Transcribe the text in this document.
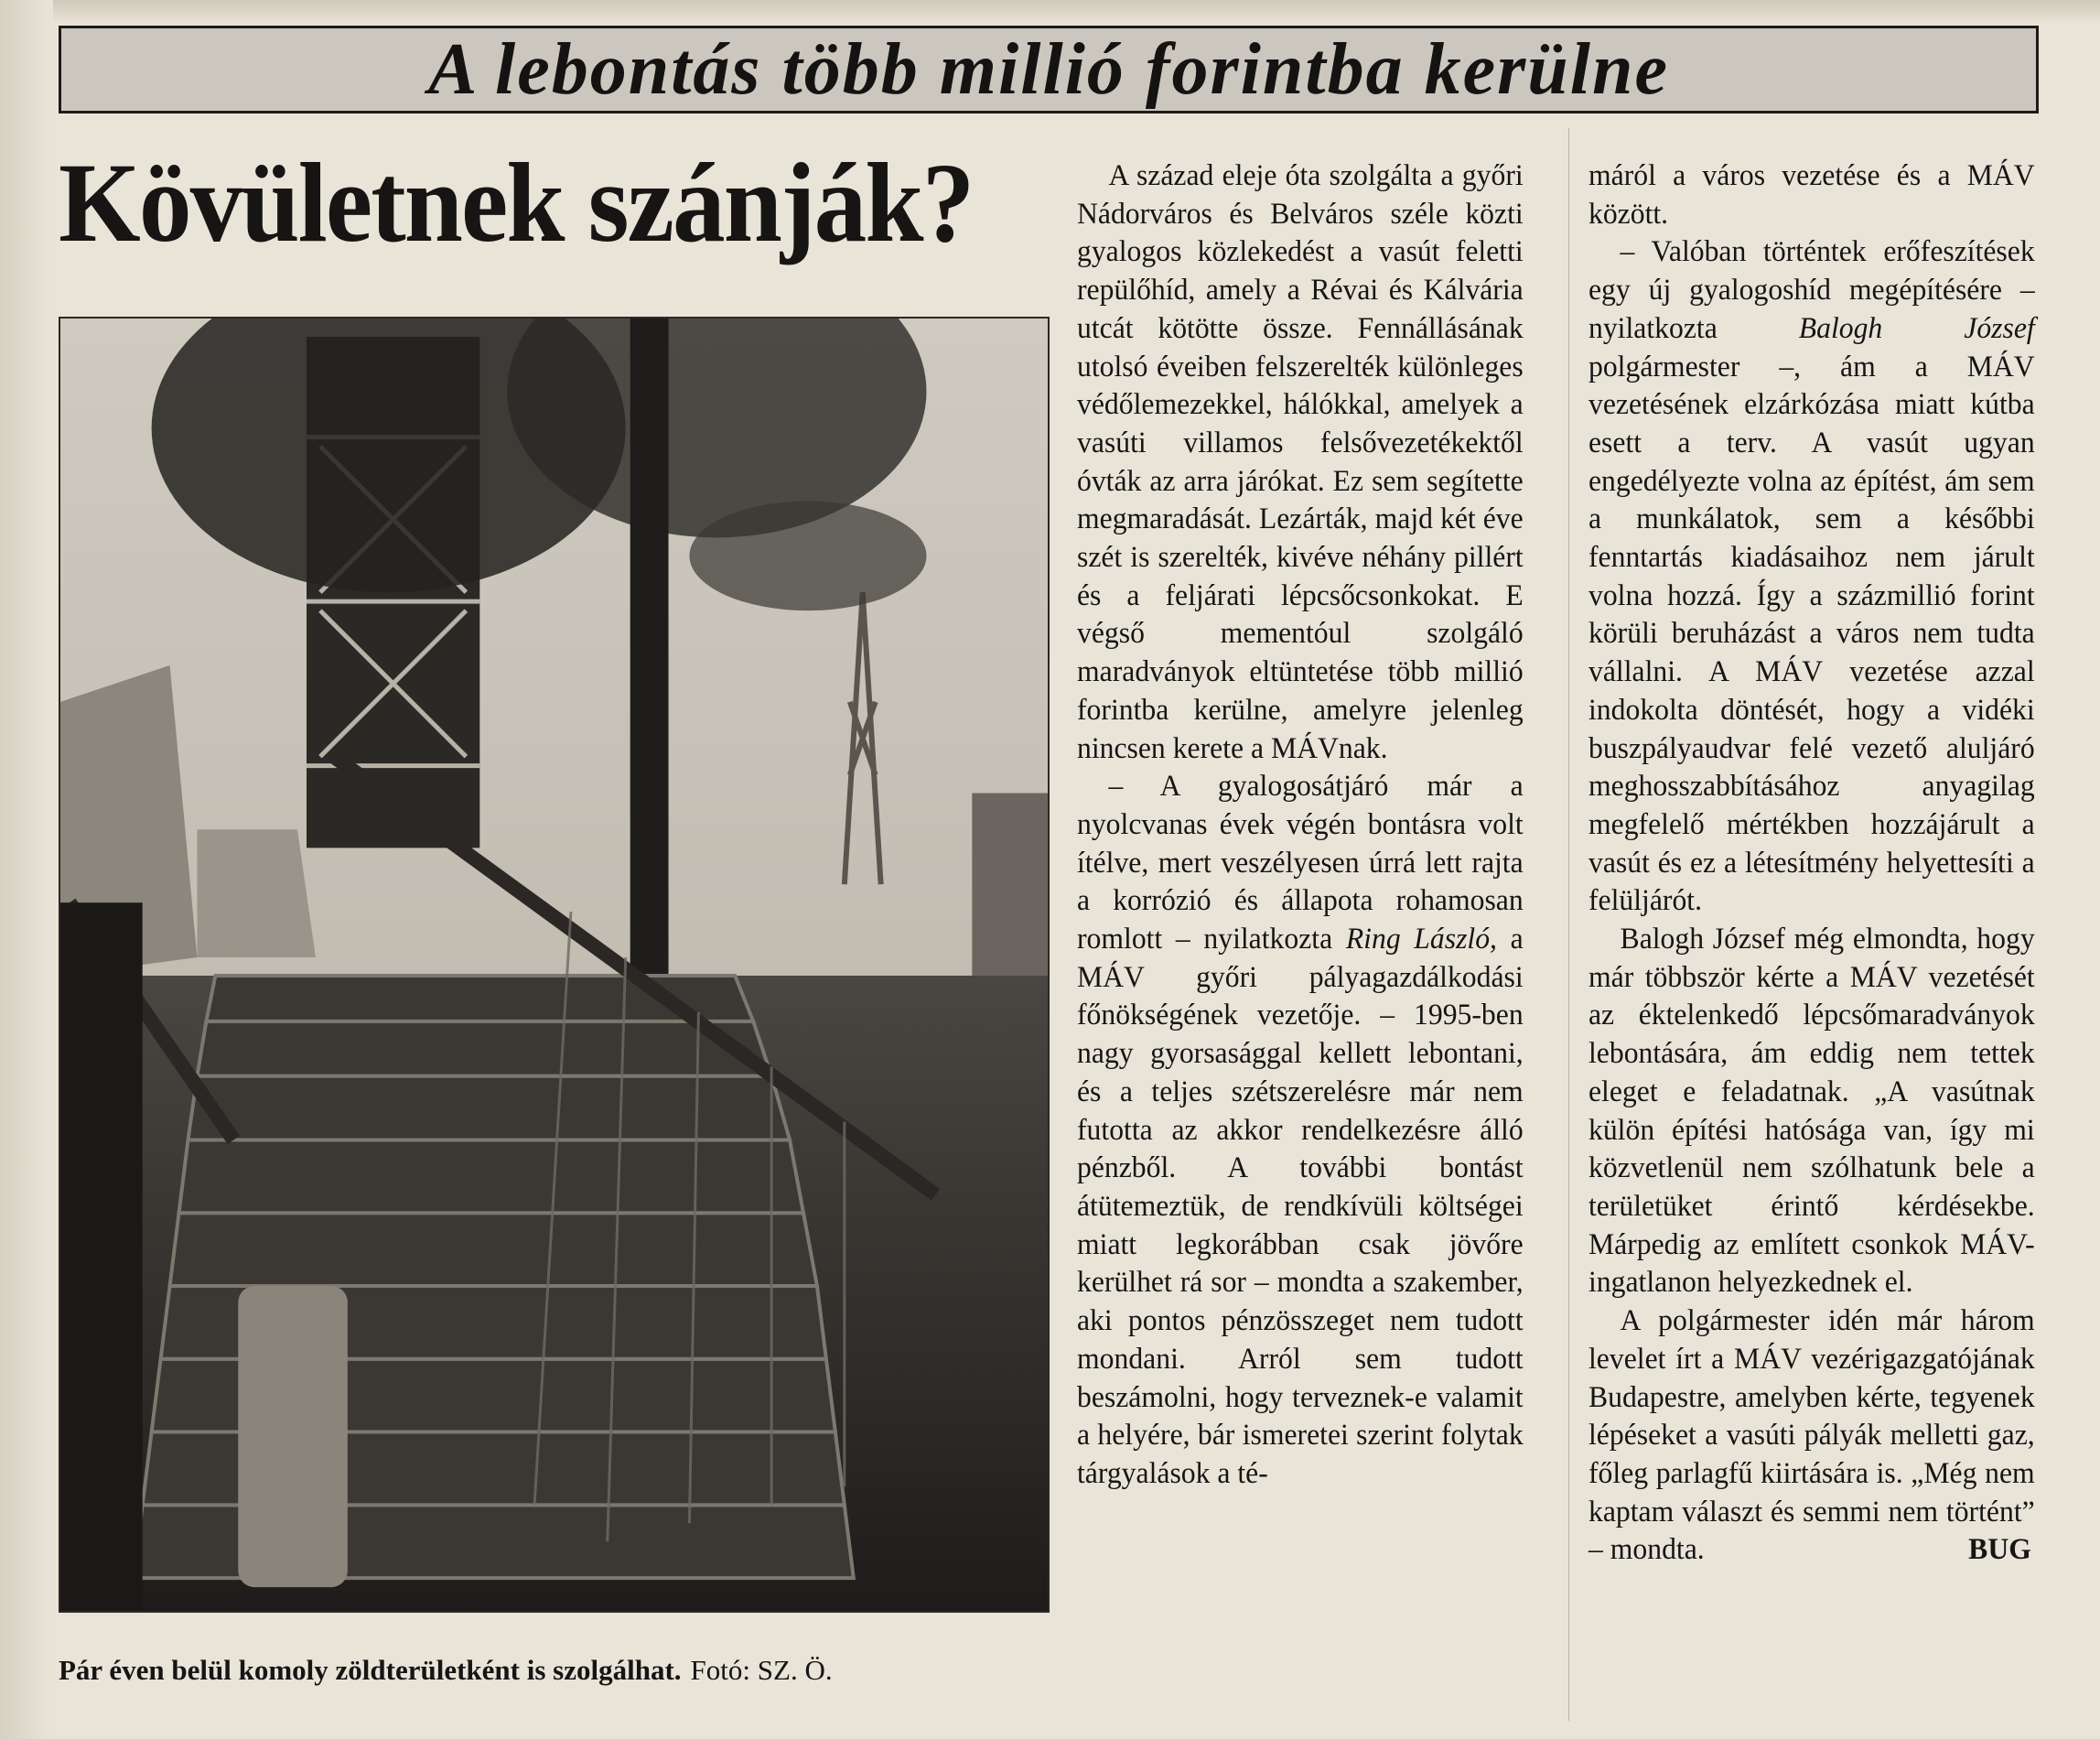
A lebontás több millió forintba kerülne
Kövületnek szánják?
Pár éven belül komoly zöldterületként is szolgálhat. Fotó: SZ. Ö.

A század eleje óta szolgálta a győri Nádorváros és Belváros széle közti gyalogos közlekedést a vasút feletti repülőhíd, amely a Révai és Kálvária utcát kötötte össze. Fennállásának utolsó éveiben felszerelték különleges védőlemezekkel, hálókkal, amelyek a vasúti villamos felsővezetékektől óvták az arra járókat. Ez sem segítette megmaradását. Lezárták, majd két éve szét is szerelték, kivéve néhány pillért és a feljárati lépcsőcsonkokat. E végső mementóul szolgáló maradványok eltüntetése több millió forintba kerülne, amelyre jelenleg nincsen kerete a MÁVnak.

– A gyalogosátjáró már a nyolcvanas évek végén bontásra volt ítélve, mert veszélyesen úrrá lett rajta a korrózió és állapota rohamosan romlott – nyilatkozta Ring László, a MÁV győri pályagazdálkodási főnökségének vezetője. – 1995-ben nagy gyorsasággal kellett lebontani, és a teljes szétszerelésre már nem futotta az akkor rendelkezésre álló pénzből. A további bontást átütemeztük, de rendkívüli költségei miatt legkorábban csak jövőre kerülhet rá sor – mondta a szakember, aki pontos pénzösszeget nem tudott mondani. Arról sem tudott beszámolni, hogy terveznek-e valamit a helyére, bár ismeretei szerint folytak tárgyalások a té-

máról a város vezetése és a MÁV között.

– Valóban történtek erőfeszítések egy új gyalogoshíd megépítésére – nyilatkozta	Balogh József polgármester –, ám a MÁV vezetésének elzárkózása miatt kútba esett a terv. A vasút ugyan engedélyezte volna az építést, ám sem a munkálatok, sem a későbbi fenntartás kiadásaihoz nem járult volna hozzá. Így a százmillió forint körüli beruházást a város nem tudta vállalni. A MÁV vezetése azzal indokolta döntését, hogy a vidéki buszpályaudvar felé vezető aluljáró meghosszabbításához anyagilag megfelelő mértékben hozzájárult a vasút és ez a létesítmény helyettesíti a felüljárót.

Balogh József még elmondta, hogy már többször kérte a MÁV vezetését az éktelenkedő lépcsőmaradványok lebontására, ám eddig nem tettek eleget e feladatnak. „A vasútnak külön építési hatósága van, így mi közvetlenül nem szólhatunk bele a területüket érintő kérdésekbe. Márpedig az említett csonkok MÁV-ingatlanon helyezkednek el.

A polgármester idén már három levelet írt a MÁV vezérigazgatójának Budapestre, amelyben kérte, tegyenek lépéseket a vasúti pályák melletti gaz, főleg parlagfű kiirtására is. „Még nem kaptam választ és semmi nem történt” – mondta.	BUG
